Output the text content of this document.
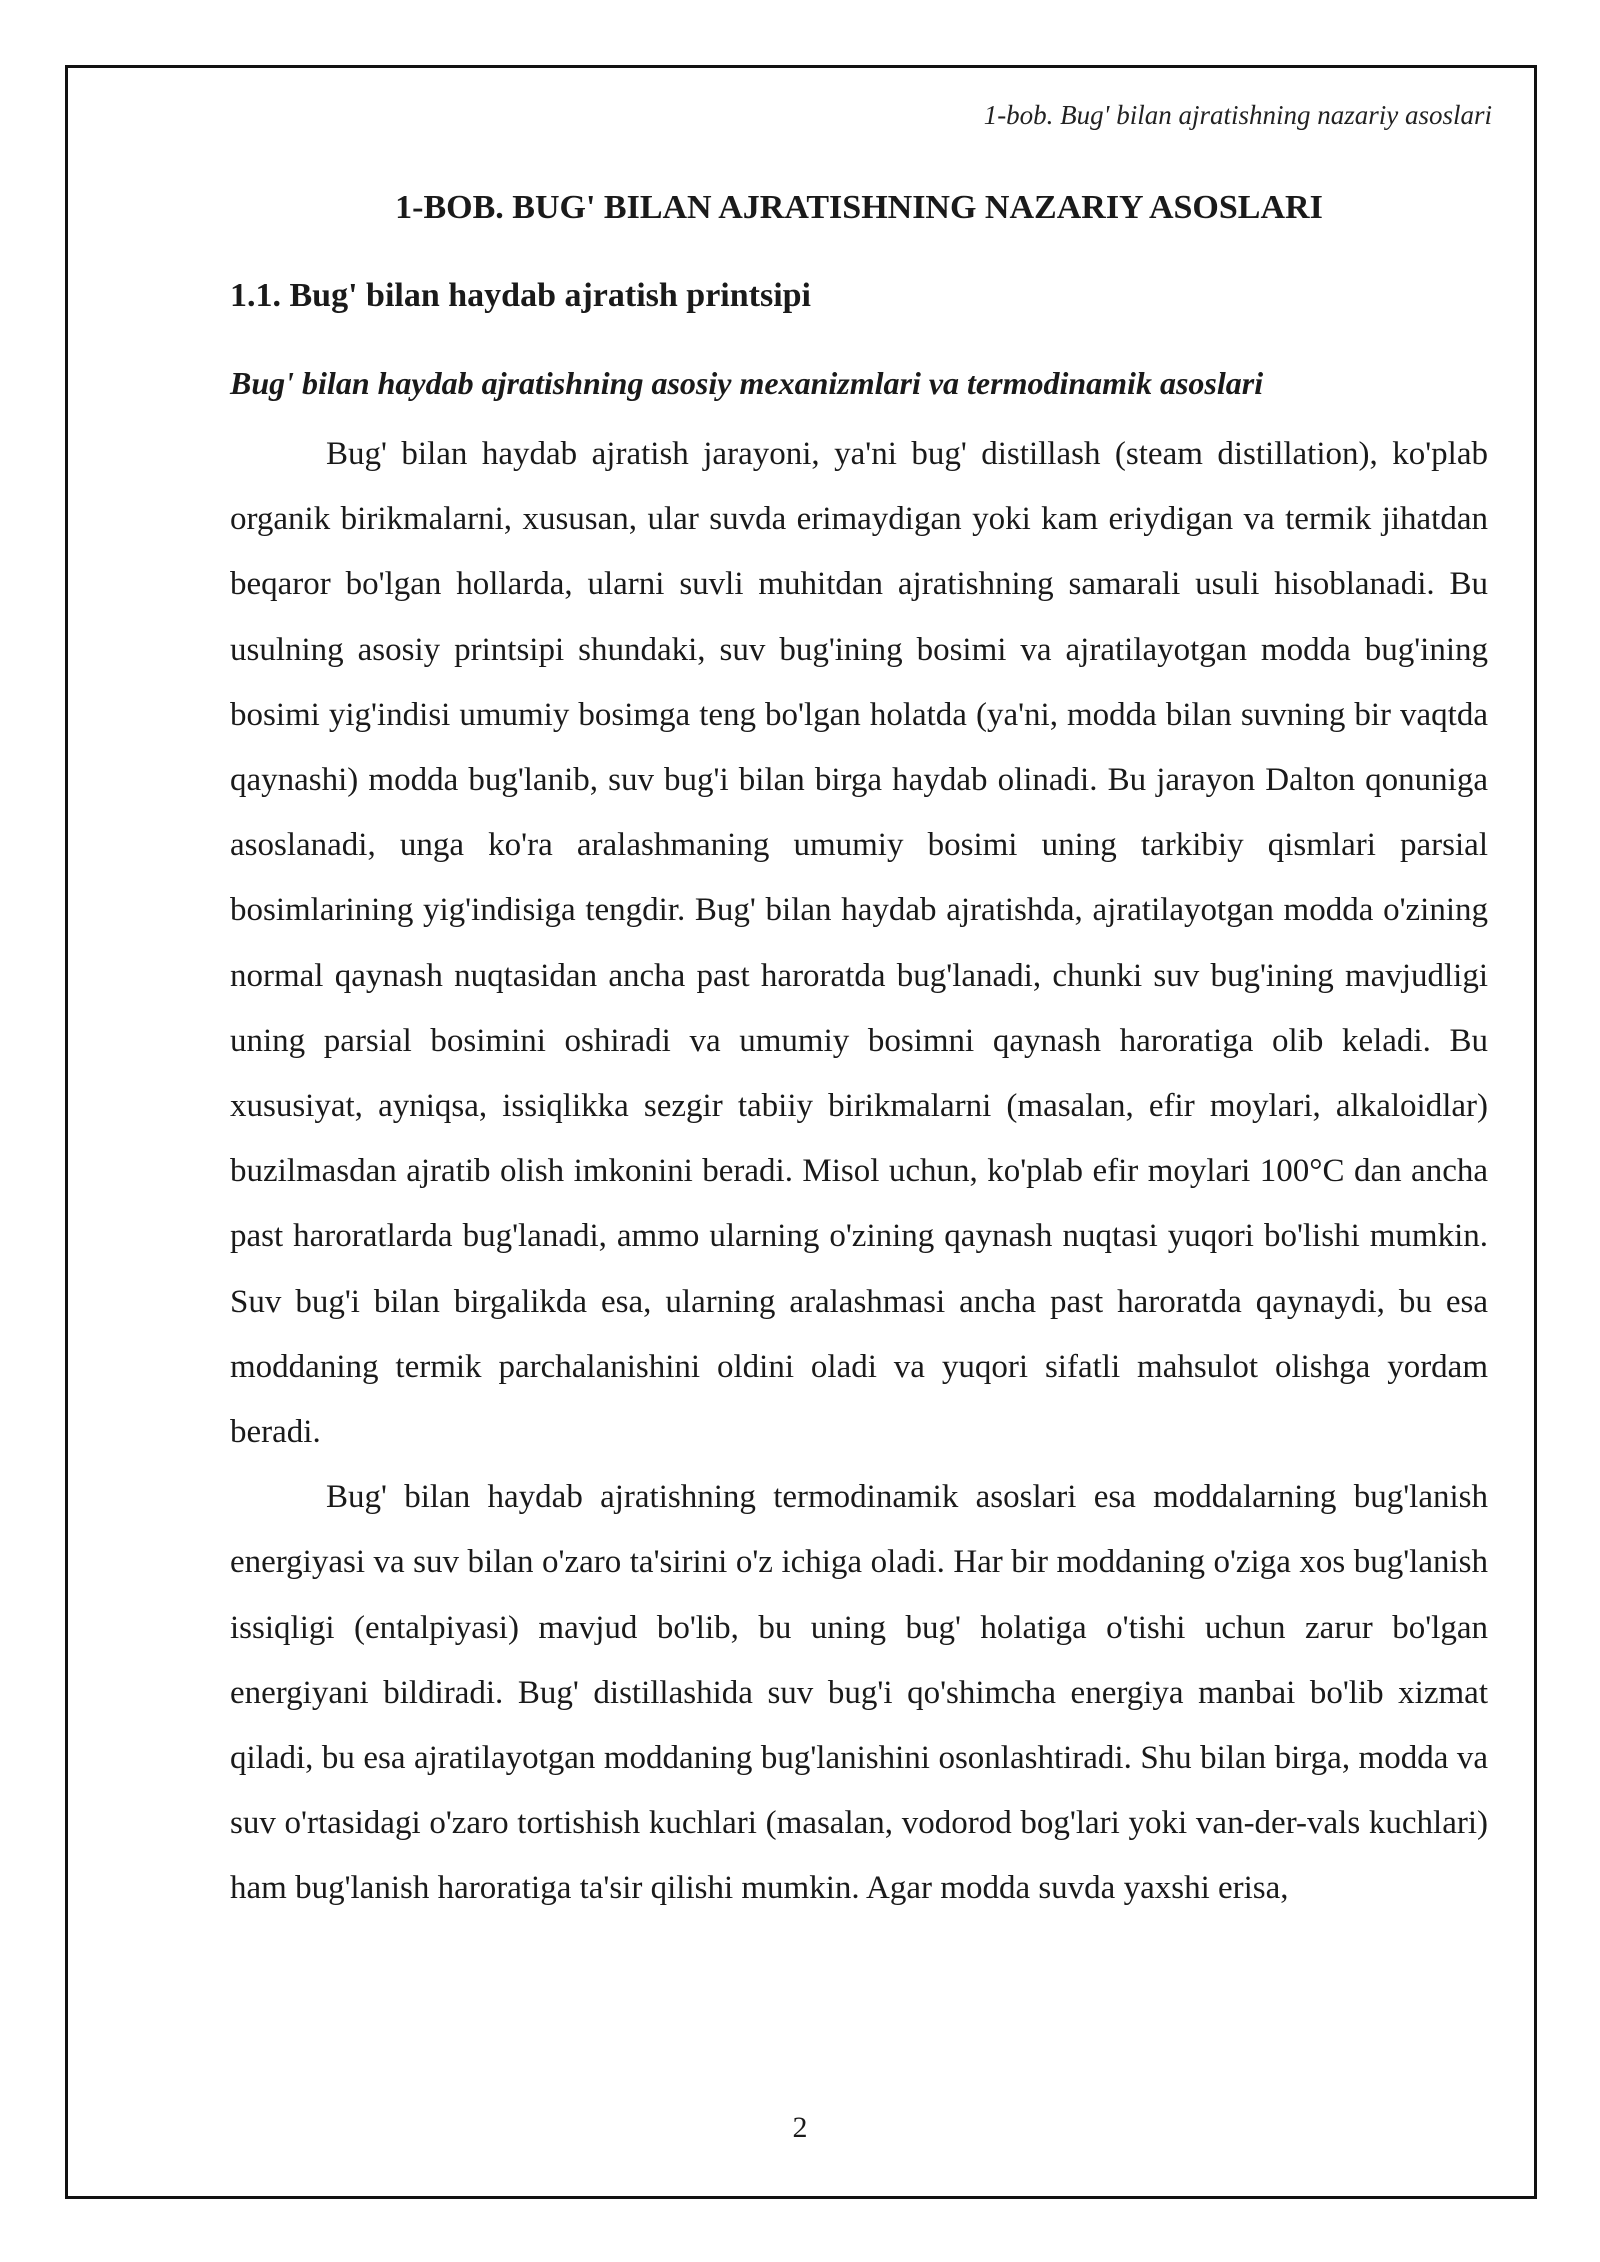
1-bob. Bug' bilan ajratishning nazariy asoslari
1-BOB. BUG' BILAN AJRATISHNING NAZARIY ASOSLARI
1.1. Bug' bilan haydab ajratish printsipi
Bug' bilan haydab ajratishning asosiy mexanizmlari va termodinamik asoslari

Bug' bilan haydab ajratish jarayoni, ya'ni bug' distillash (steam distillation), ko'plab organik birikmalarni, xususan, ular suvda erimaydigan yoki kam eriydigan va termik jihatdan beqaror bo'lgan hollarda, ularni suvli muhitdan ajratishning samarali usuli hisoblanadi. Bu usulning asosiy printsipi shundaki, suv bug'ining bosimi va ajratilayotgan modda bug'ining bosimi yig'indisi umumiy bosimga teng bo'lgan holatda (ya'ni, modda bilan suvning bir vaqtda qaynashi) modda bug'lanib, suv bug'i bilan birga haydab olinadi. Bu jarayon Dalton qonuniga asoslanadi, unga ko'ra aralashmaning umumiy bosimi uning tarkibiy qismlari parsial bosimlarining yig'indisiga tengdir. Bug' bilan haydab ajratishda, ajratilayotgan modda o'zining normal qaynash nuqtasidan ancha past haroratda bug'lanadi, chunki suv bug'ining mavjudligi uning parsial bosimini oshiradi va umumiy bosimni qaynash haroratiga olib keladi. Bu xususiyat, ayniqsa, issiqlikka sezgir tabiiy birikmalarni (masalan, efir moylari, alkaloidlar) buzilmasdan ajratib olish imkonini beradi. Misol uchun, ko'plab efir moylari 100°C dan ancha past haroratlarda bug'lanadi, ammo ularning o'zining qaynash nuqtasi yuqori bo'lishi mumkin. Suv bug'i bilan birgalikda esa, ularning aralashmasi ancha past haroratda qaynaydi, bu esa moddaning termik parchalanishini oldini oladi va yuqori sifatli mahsulot olishga yordam beradi.

Bug' bilan haydab ajratishning termodinamik asoslari esa moddalarning bug'lanish energiyasi va suv bilan o'zaro ta'sirini o'z ichiga oladi. Har bir moddaning o'ziga xos bug'lanish issiqligi (entalpiyasi) mavjud bo'lib, bu uning bug' holatiga o'tishi uchun zarur bo'lgan energiyani bildiradi. Bug' distillashida suv bug'i qo'shimcha energiya manbai bo'lib xizmat qiladi, bu esa ajratilayotgan moddaning bug'lanishini osonlashtiradi. Shu bilan birga, modda va suv o'rtasidagi o'zaro tortishish kuchlari (masalan, vodorod bog'lari yoki van-der-vals kuchlari) ham bug'lanish haroratiga ta'sir qilishi mumkin. Agar modda suvda yaxshi erisa,

2
